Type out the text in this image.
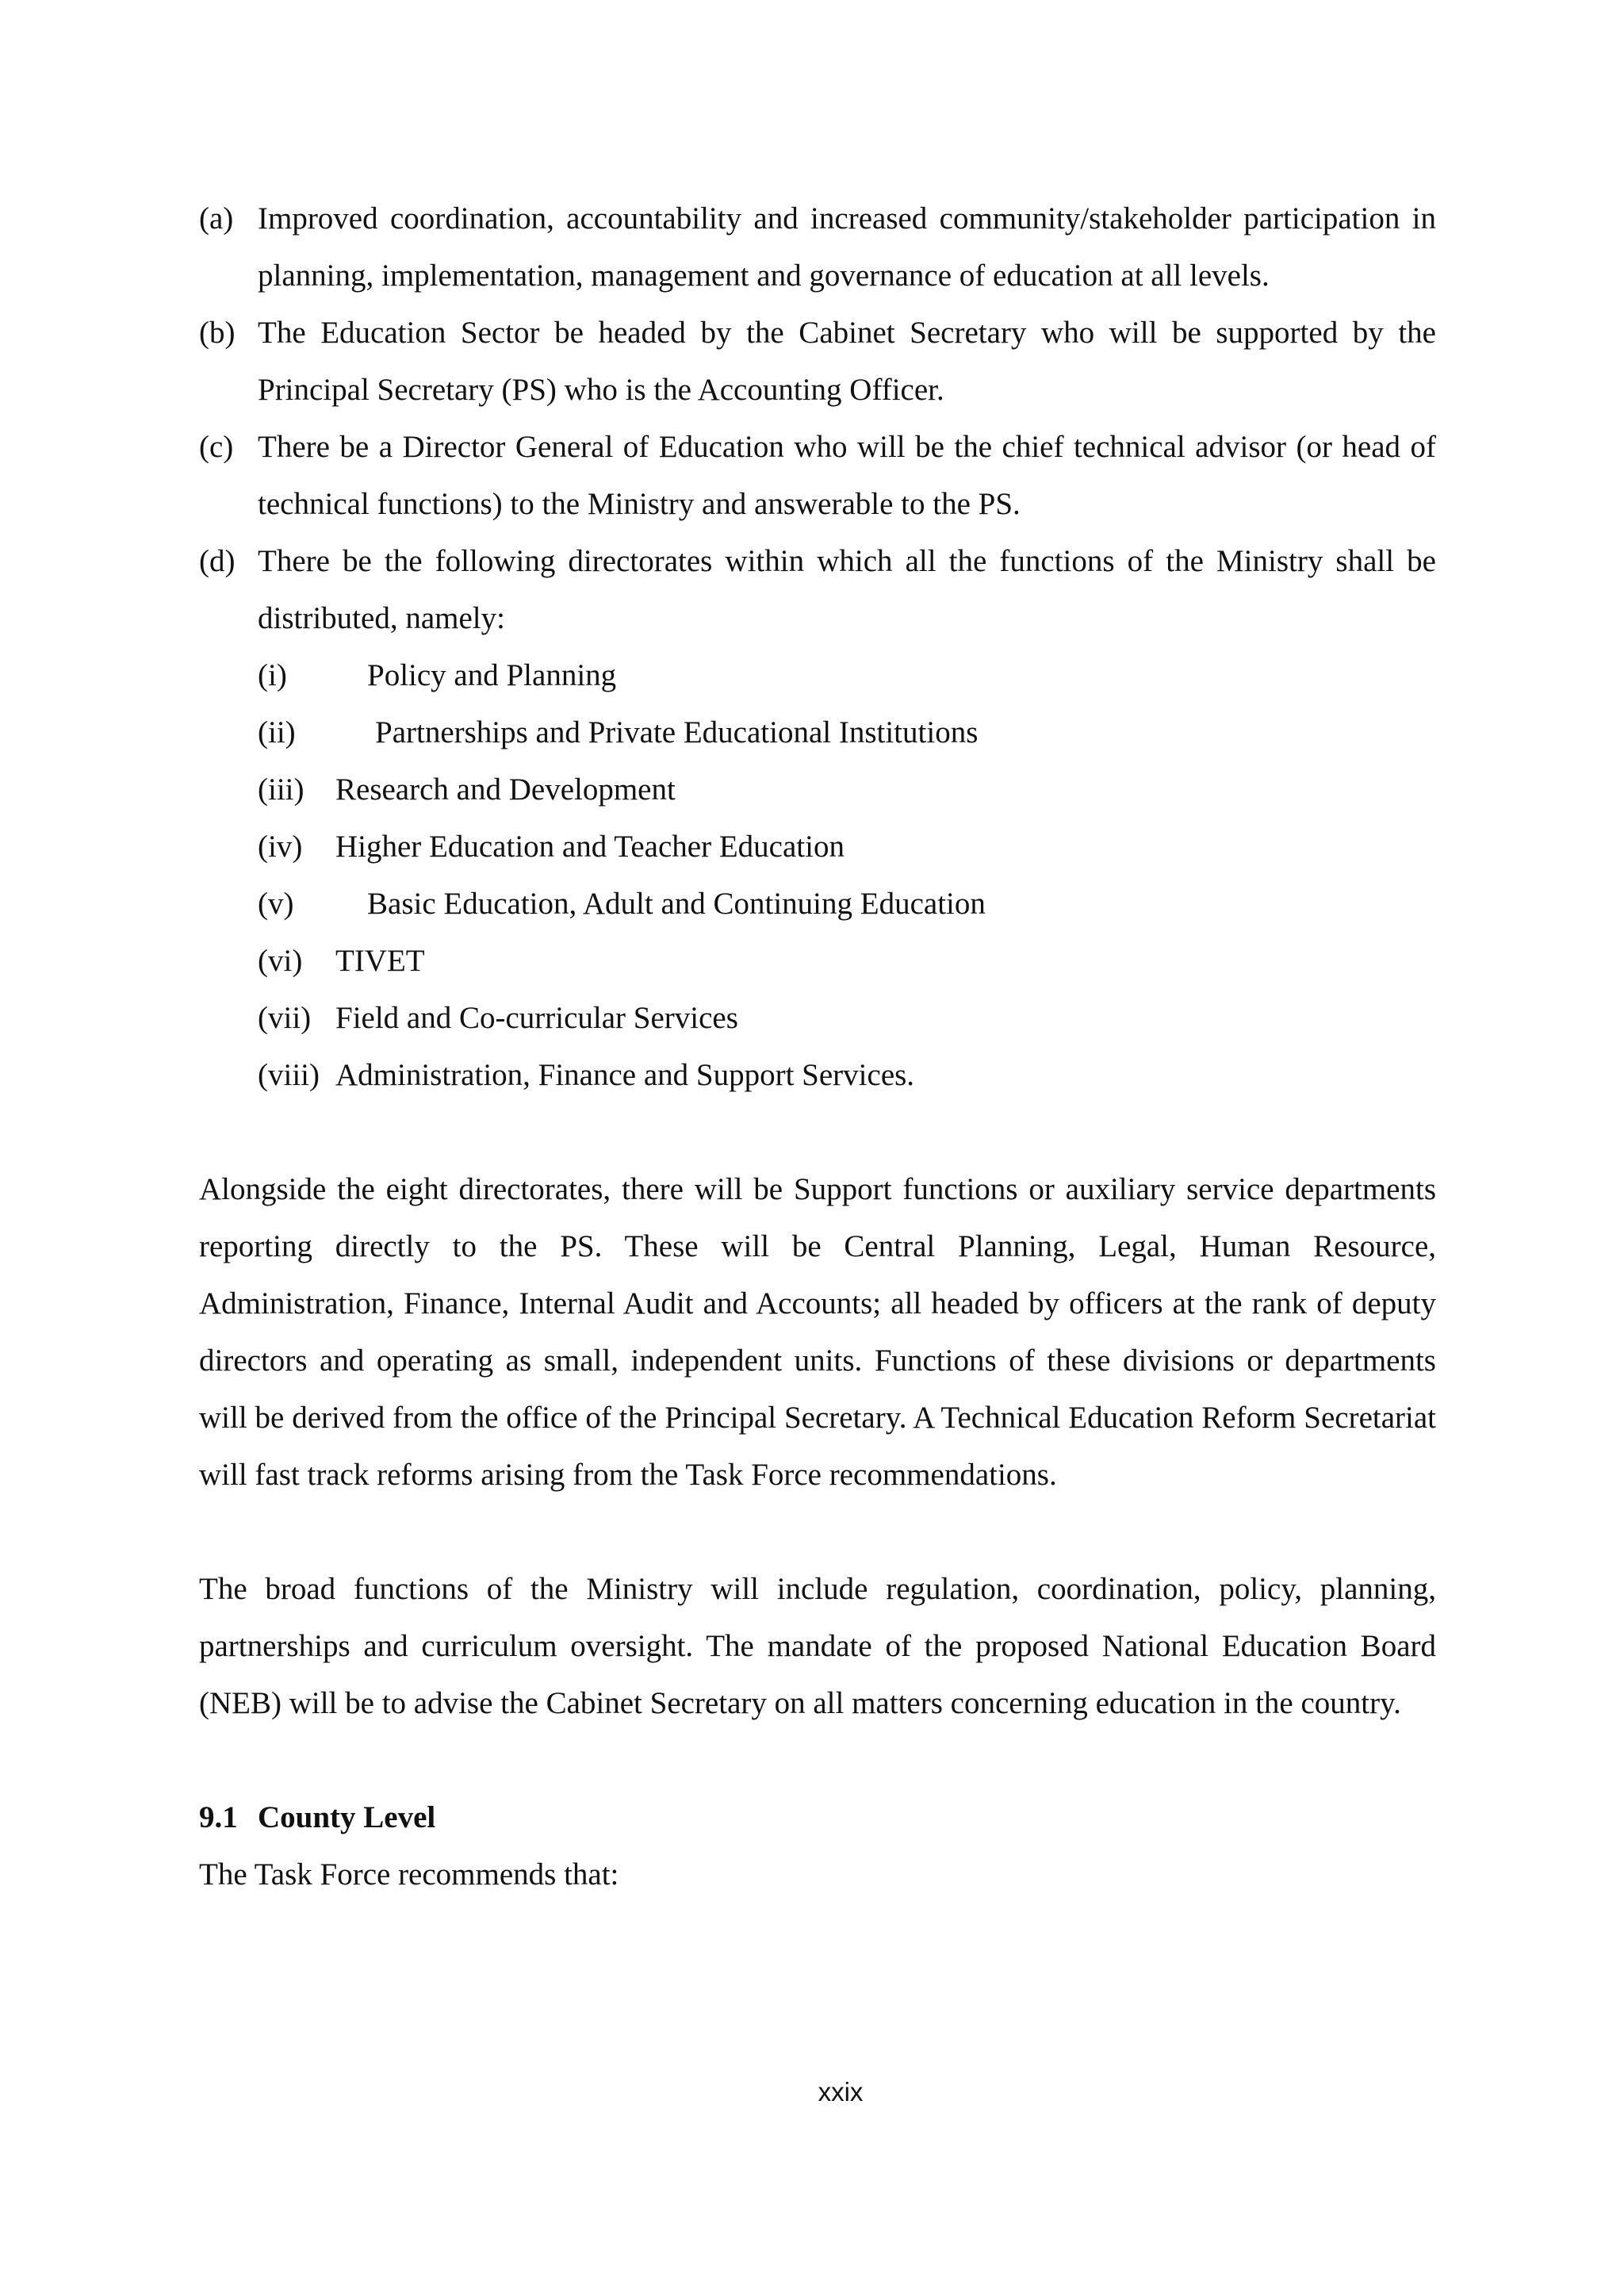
(a) Improved coordination, accountability and increased community/stakeholder participation in planning, implementation, management and governance of education at all levels.
(b) The Education Sector be headed by the Cabinet Secretary who will be supported by the Principal Secretary (PS) who is the Accounting Officer.
(c) There be a Director General of Education who will be the chief technical advisor (or head of technical functions) to the Ministry and answerable to the PS.
(d) There be the following directorates within which all the functions of the Ministry shall be distributed, namely:
(i)	Policy and Planning
(ii)	Partnerships and Private Educational Institutions
(iii)	Research and Development
(iv)	Higher Education and Teacher Education
(v)	Basic Education, Adult and Continuing Education
(vi)	TIVET
(vii) Field and Co-curricular Services
(viii) Administration, Finance and Support Services.

Alongside the eight directorates, there will be Support functions or auxiliary service departments reporting directly to the PS. These will be Central Planning, Legal, Human Resource, Administration, Finance, Internal Audit and Accounts; all headed by officers at the rank of deputy directors and operating as small, independent units. Functions of these divisions or departments will be derived from the office of the Principal Secretary. A Technical Education Reform Secretariat will fast track reforms arising from the Task Force recommendations.

The broad functions of the Ministry will include regulation, coordination, policy, planning, partnerships and curriculum oversight. The mandate of the proposed National Education Board (NEB) will be to advise the Cabinet Secretary on all matters concerning education in the country.

9.1 County Level

The Task Force recommends that:

xxix
